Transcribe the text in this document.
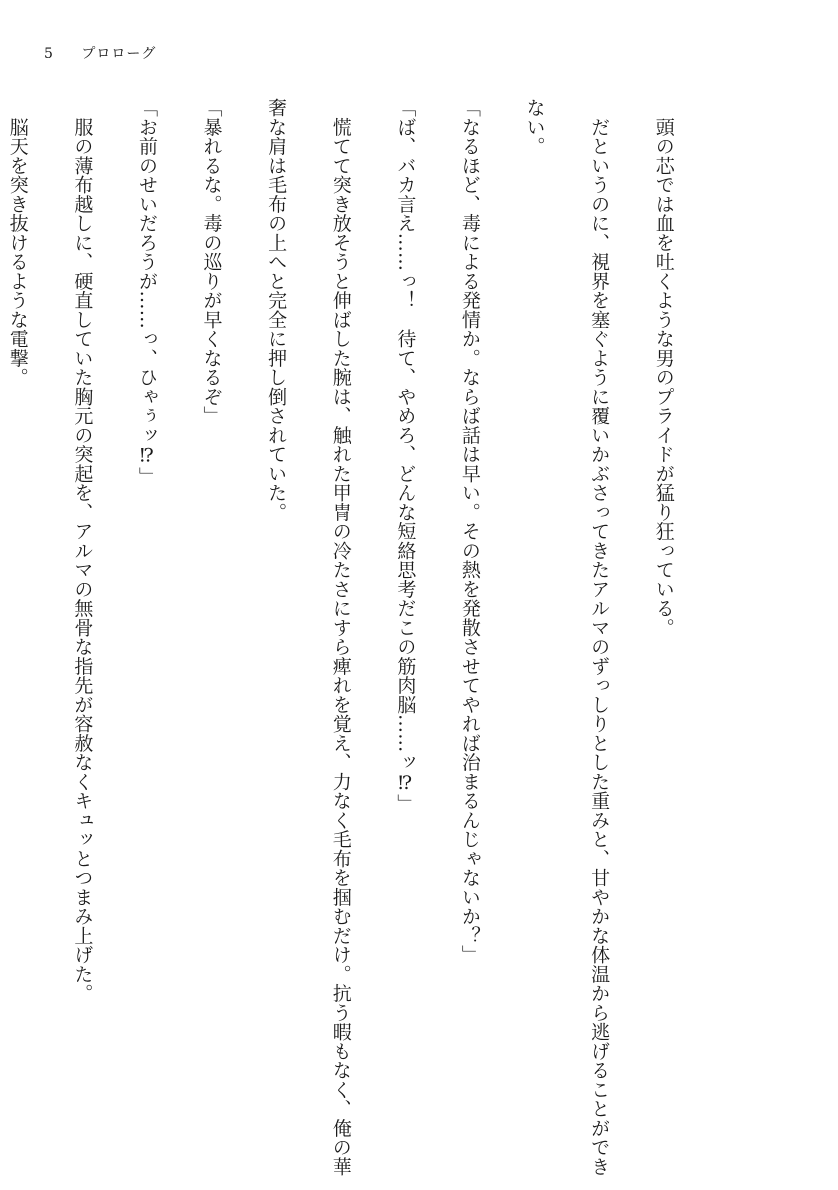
5 プロローグ

　頭の芯では血を吐くような男のプライドが猛り狂っている。

　だというのに、視界を塞ぐように覆いかぶさってきたアルマのずっしりとした重みと、甘やかな体温から逃げることができ

ない。

「なるほど、毒による発情か。ならば話は早い。その熱を発散させてやれば治まるんじゃないか？」

「ば、バカ言え……っ！　待て、やめろ、どんな短絡思考だこの筋肉脳……ッ⁉」

　慌てて突き放そうと伸ばした腕は、触れた甲冑の冷たさにすら痺れを覚え、力なく毛布を掴むだけ。抗う暇もなく、俺の華

奢な肩は毛布の上へと完全に押し倒されていた。

「暴れるな。毒の巡りが早くなるぞ」

「お前のせいだろうが……っ、ひゃぅッ⁉」

　服の薄布越しに、硬直していた胸元の突起を、アルマの無骨な指先が容赦なくキュッとつまみ上げた。

　脳天を突き抜けるような電撃。
